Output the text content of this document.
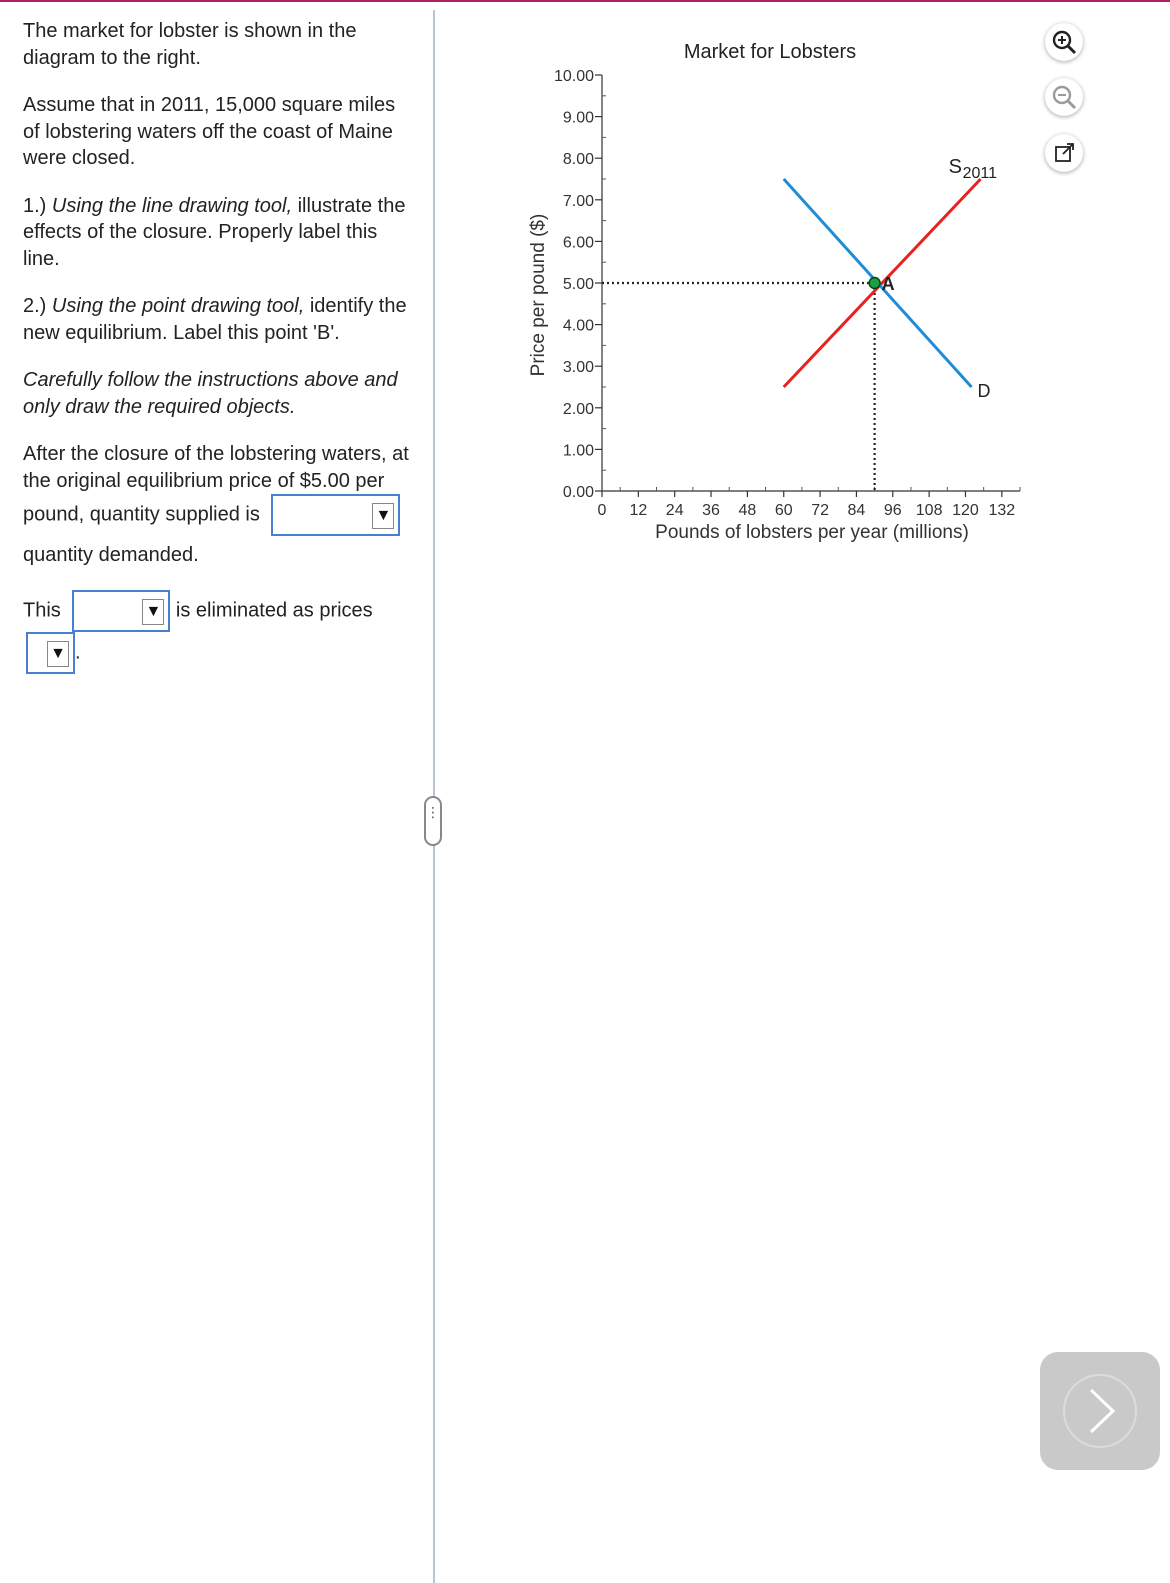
The market for lobster is shown in the diagram to the right.

Assume that in 2011, 15,000 square miles of lobstering waters off the coast of Maine were closed.

1.) Using the line drawing tool, illustrate the effects of the closure. Properly label this line.

2.) Using the point drawing tool, identify the new equilibrium. Label this point 'B'.

Carefully follow the instructions above and only draw the required objects.

After the closure of the lobstering waters, at the original equilibrium price of $5.00 per pound, quantity supplied is	▼

quantity demanded.

This	▼ is eliminated as prices

▼ .

⋮
Market for Lobsters
0.00
1.00
2.00
3.00
4.00
5.00
6.00
7.00
8.00
9.00
10.00
0 12 24 36 48 60 72 84 96 108 120 132
Pounds of lobsters per year (millions)
Price per pound ($)
S 2011
D
A
